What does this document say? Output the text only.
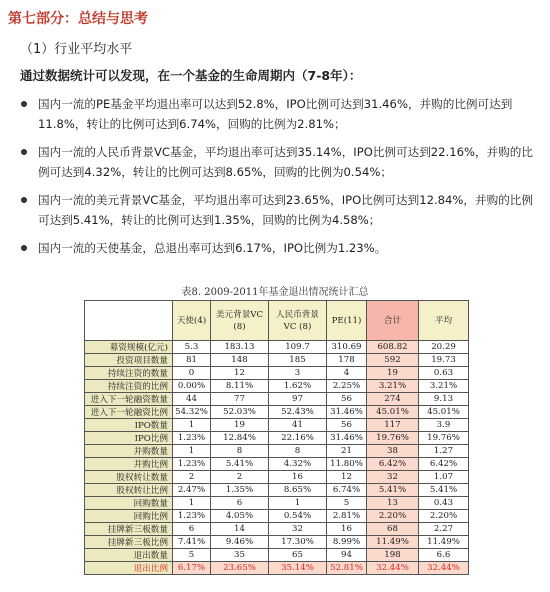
第七部分：总结与思考
（1）行业平均水平
通过数据统计可以发现，在一个基金的生命周期内（7-8年）：
国内一流的PE基金平均退出率可以达到52.8%，IPO比例可达到31.46%，并购的比例可达到11.8%，转让的比例可达到6.74%，回购的比例为2.81%；
国内一流的人民币背景VC基金，平均退出率可达到35.14%，IPO比例可达到22.16%，并购的比例可达到4.32%，转让的比例可达到8.65%，回购的比例为0.54%；
国内一流的美元背景VC基金，平均退出率可达到23.65%，IPO比例可达到12.84%，并购的比例可达到5.41%，转让的比例可达到1.35%，回购的比例为4.58%；
国内一流的天使基金，总退出率可达到6.17%，IPO比例为1.23%。
表8. 2009-2011年基金退出情况统计汇总
	天使(4)	美元背景VC (8)	人民币背景VC (8)	PE(11)	合计	平均
募资规模(亿元)	5.3	183.13	109.7	310.69	608.82	20.29
投资项目数量	81	148	185	178	592	19.73
持续注资的数量	0	12	3	4	19	0.63
持续注资的比例	0.00%	8.11%	1.62%	2.25%	3.21%	3.21%
进入下一轮融资数量	44	77	97	56	274	9.13
进入下一轮融资比例	54.32%	52.03%	52.43%	31.46%	45.01%	45.01%
IPO数量	1	19	41	56	117	3.9
IPO比例	1.23%	12.84%	22.16%	31.46%	19.76%	19.76%
并购数量	1	8	8	21	38	1.27
并购比例	1.23%	5.41%	4.32%	11.80%	6.42%	6.42%
股权转让数量	2	2	16	12	32	1.07
股权转让比例	2.47%	1.35%	8.65%	6.74%	5.41%	5.41%
回购数量	1	6	1	5	13	0.43
回购比例	1.23%	4.05%	0.54%	2.81%	2.20%	2.20%
挂牌新三板数量	6	14	32	16	68	2.27
挂牌新三板比例	7.41%	9.46%	17.30%	8.99%	11.49%	11.49%
退出数量	5	35	65	94	198	6.6
退出比例	6.17%	23.65%	35.14%	52.81%	32.44%	32.44%
